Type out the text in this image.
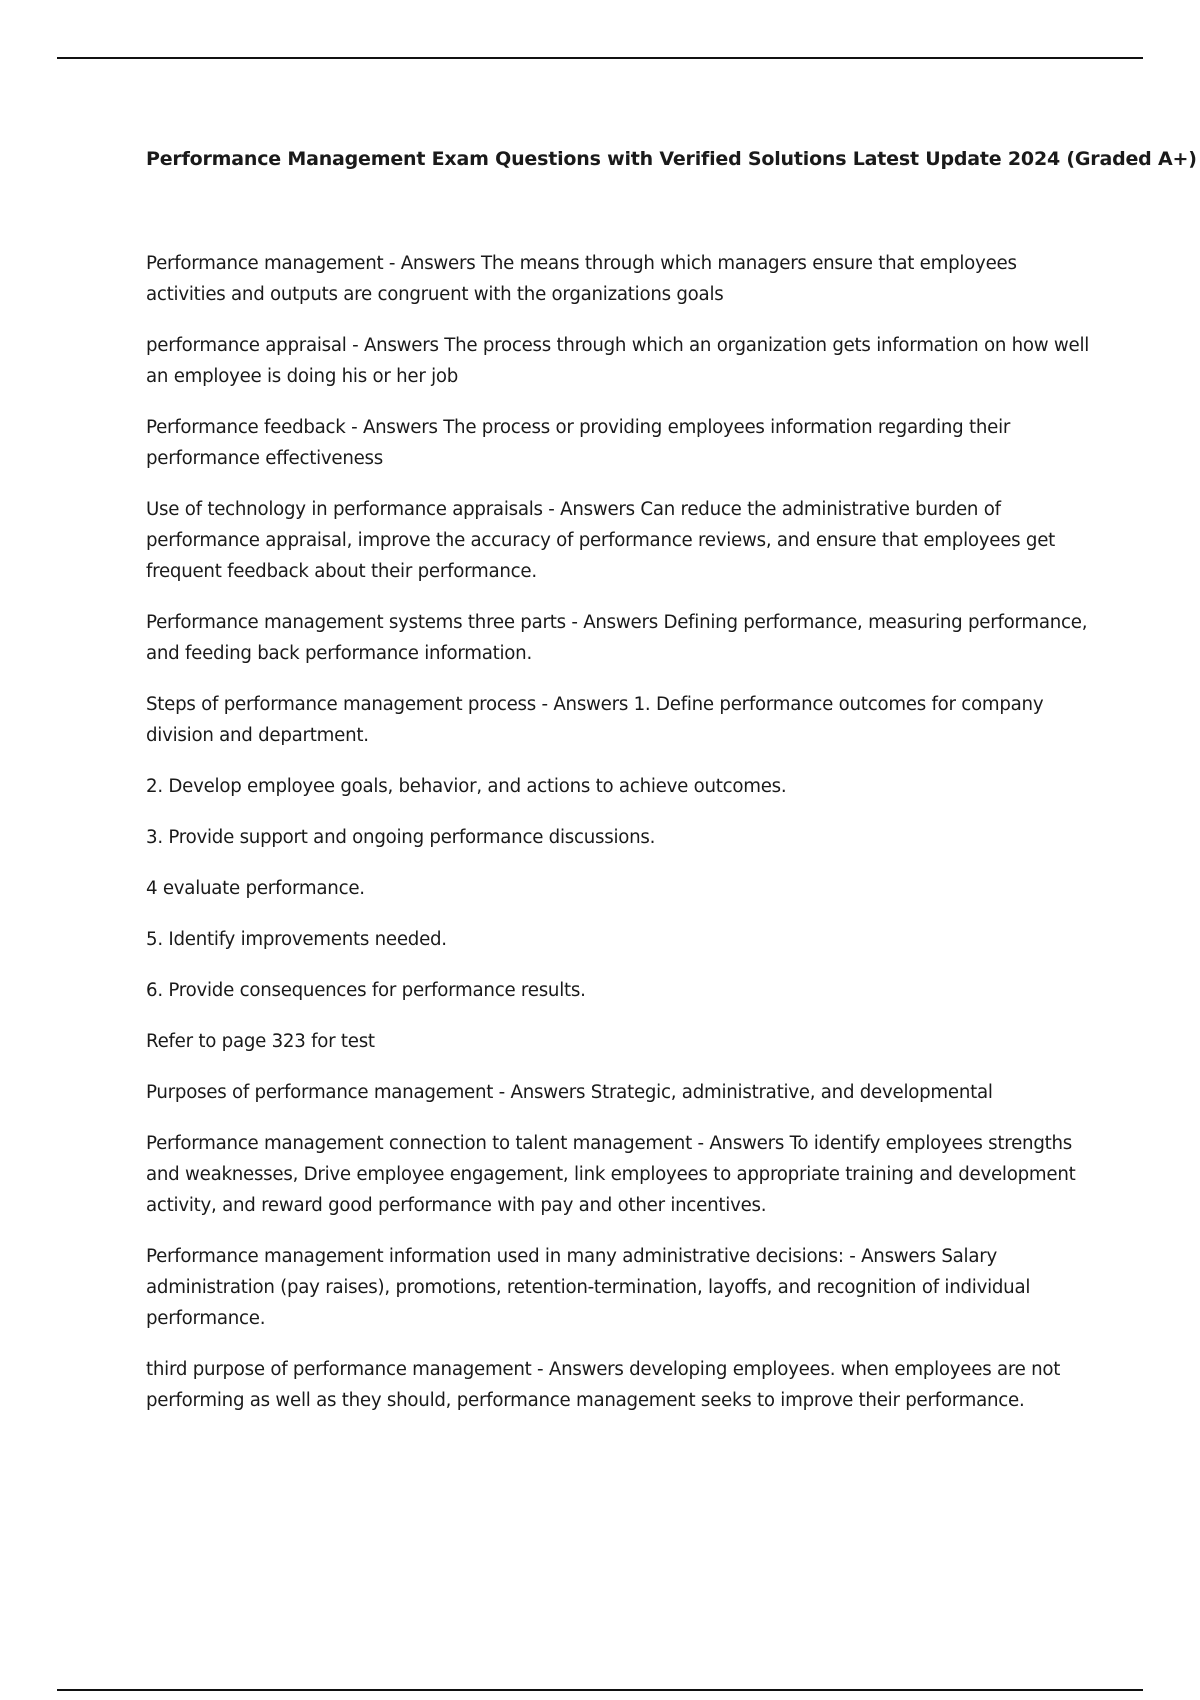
Performance Management Exam Questions with Verified Solutions Latest Update 2024 (Graded A+)

Performance management - Answers The means through which managers ensure that employees activities and outputs are congruent with the organizations goals

performance appraisal - Answers The process through which an organization gets information on how well an employee is doing his or her job

Performance feedback - Answers The process or providing employees information regarding their performance effectiveness

Use of technology in performance appraisals - Answers Can reduce the administrative burden of performance appraisal, improve the accuracy of performance reviews, and ensure that employees get frequent feedback about their performance.

Performance management systems three parts - Answers Defining performance, measuring performance, and feeding back performance information.

Steps of performance management process - Answers 1. Define performance outcomes for company division and department.

2. Develop employee goals, behavior, and actions to achieve outcomes.

3. Provide support and ongoing performance discussions.

4 evaluate performance.

5. Identify improvements needed.

6. Provide consequences for performance results.

Refer to page 323 for test

Purposes of performance management - Answers Strategic, administrative, and developmental

Performance management connection to talent management - Answers To identify employees strengths and weaknesses, Drive employee engagement, link employees to appropriate training and development activity, and reward good performance with pay and other incentives.

Performance management information used in many administrative decisions: - Answers Salary administration (pay raises), promotions, retention-termination, layoffs, and recognition of individual performance.

third purpose of performance management - Answers developing employees. when employees are not performing as well as they should, performance management seeks to improve their performance.
